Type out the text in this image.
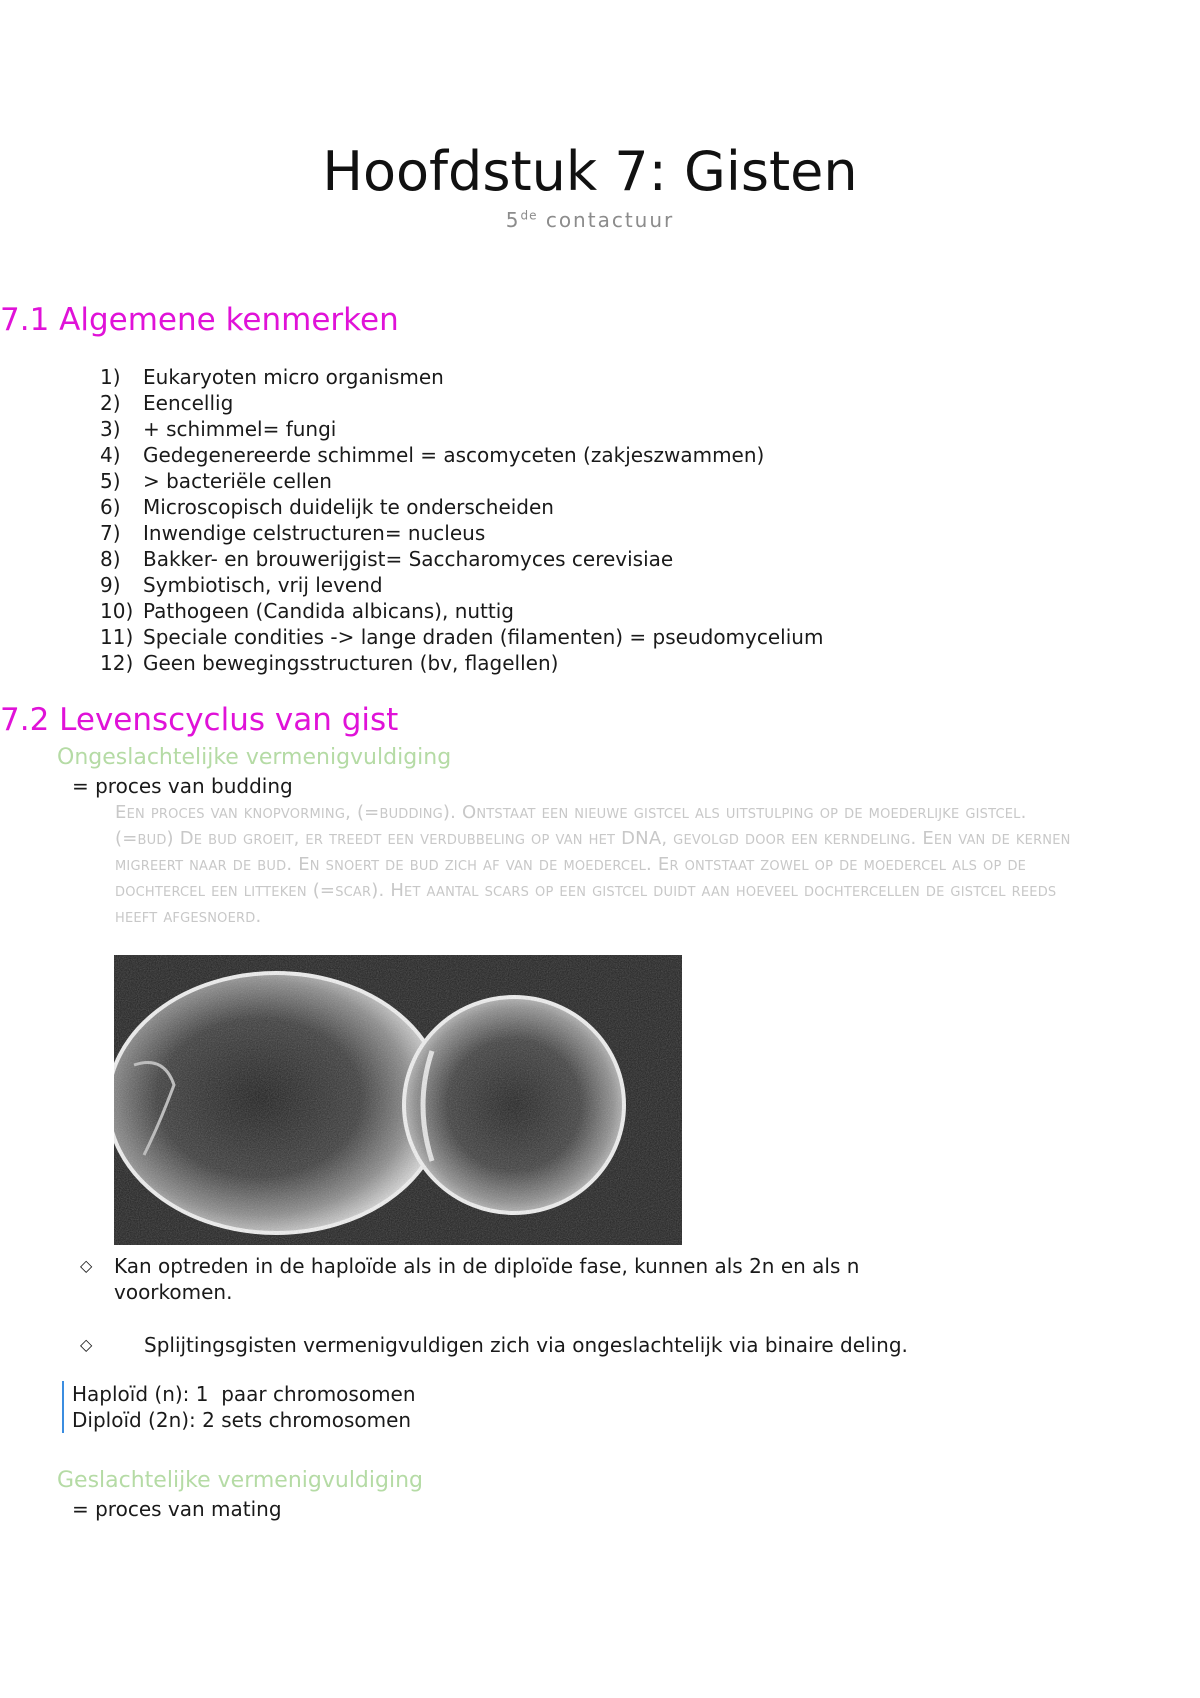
Hoofdstuk 7: Gisten
5de contactuur
7.1 Algemene kenmerken
1)	Eukaryoten micro organismen
2)	Eencellig
3)	+ schimmel= fungi
4)	Gedegenereerde schimmel = ascomyceten (zakjeszwammen)
5)	> bacteriële cellen
6)	Microscopisch duidelijk te onderscheiden
7)	Inwendige celstructuren= nucleus
8)	Bakker- en brouwerijgist= Saccharomyces cerevisiae
9)	Symbiotisch, vrij levend
10) Pathogeen (Candida albicans), nuttig
11) Speciale condities -> lange draden (filamenten) = pseudomycelium
12) Geen bewegingsstructuren (bv, flagellen)
7.2 Levenscyclus van gist
Ongeslachtelijke vermenigvuldiging
= proces van budding
Een proces van knopvorming, (=budding). Ontstaat een nieuwe gistcel als uitstulping op de moederlijke gistcel. (=bud) De bud groeit, er treedt een verdubbeling op van het DNA, gevolgd door een kerndeling. Een van de kernen migreert naar de bud. En snoert de bud zich af van de moedercel. Er ontstaat zowel op de moedercel als op de dochtercel een litteken (=scar). Het aantal scars op een gistcel duidt aan hoeveel dochtercellen de gistcel reeds heeft afgesnoerd.
◇ Kan optreden in de haploïde als in de diploïde fase, kunnen als 2n en als n
voorkomen.
◇	Splijtingsgisten vermenigvuldigen zich via ongeslachtelijk via binaire deling.
Haploïd (n): 1  paar chromosomen
Diploïd (2n): 2 sets chromosomen
Geslachtelijke vermenigvuldiging
= proces van mating
